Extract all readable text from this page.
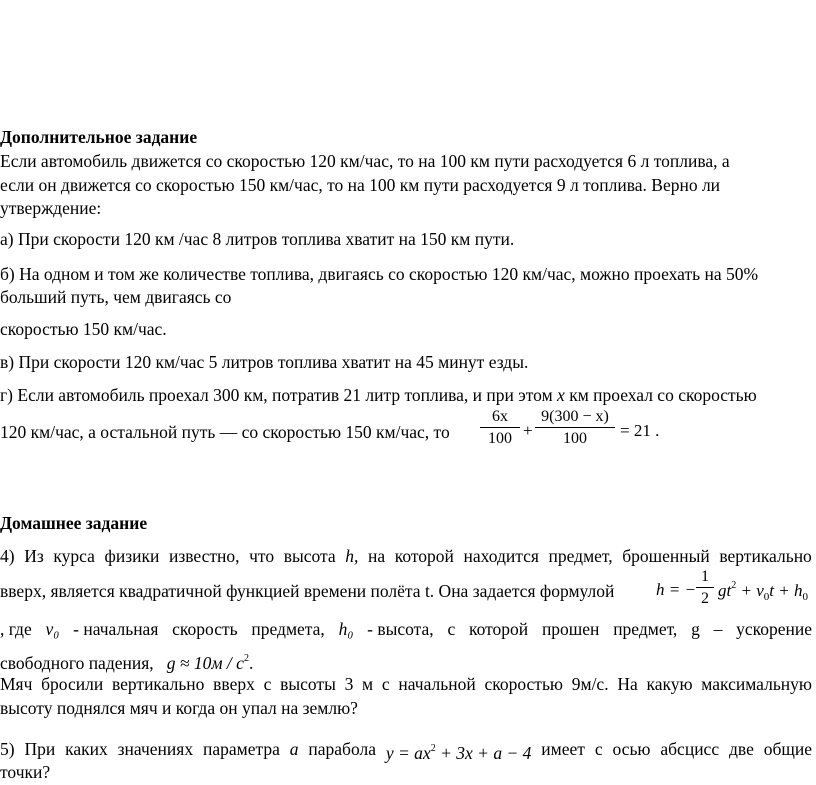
Дополнительное задание
Если автомобиль движется со скоростью 120 км/час, то на 100 км пути расходуется 6 л топлива, а
если он движется со скоростью 150 км/час, то на 100 км пути расходуется 9 л топлива. Верно ли
утверждение:
а) При скорости 120 км /час 8 литров топлива хватит на 150 км пути.
б) На одном и том же количестве топлива, двигаясь со скоростью 120 км/час, можно проехать на 50%
больший путь, чем двигаясь со
скоростью 150 км/час.
в) При скорости 120 км/час 5 литров топлива хватит на 45 минут езды.
г) Если автомобиль проехал 300 км, потратив 21 литр топлива, и при этом x км проехал со скоростью
120 км/час, а остальной путь — со скоростью 150 км/час, то $\frac{6x}{100} + \frac{9(300 - x)}{100} = 21$ .
Домашнее задание
4) Из курса физики известно, что высота h, на которой находится предмет, брошенный вертикально
вверх, является квадратичной функцией времени полёта t. Она задается формулой h = − $\frac{1}{2} gt^2 + v_0t + h_0$
, где v₀ - начальная скорость предмета, h₀ - высота, с которой прошен предмет, g – ускорение
свободного падения, $g \approx 10м / с^2$.
Мяч бросили вертикально вверх с высоты 3 м с начальной скоростью 9м/с. На какую максимальную
высоту поднялся мяч и когда он упал на землю?
5) При каких значениях параметра a парабола $y = ax^2 + 3x + a - 4$ имеет с осью абсцисс две общие
точки?
